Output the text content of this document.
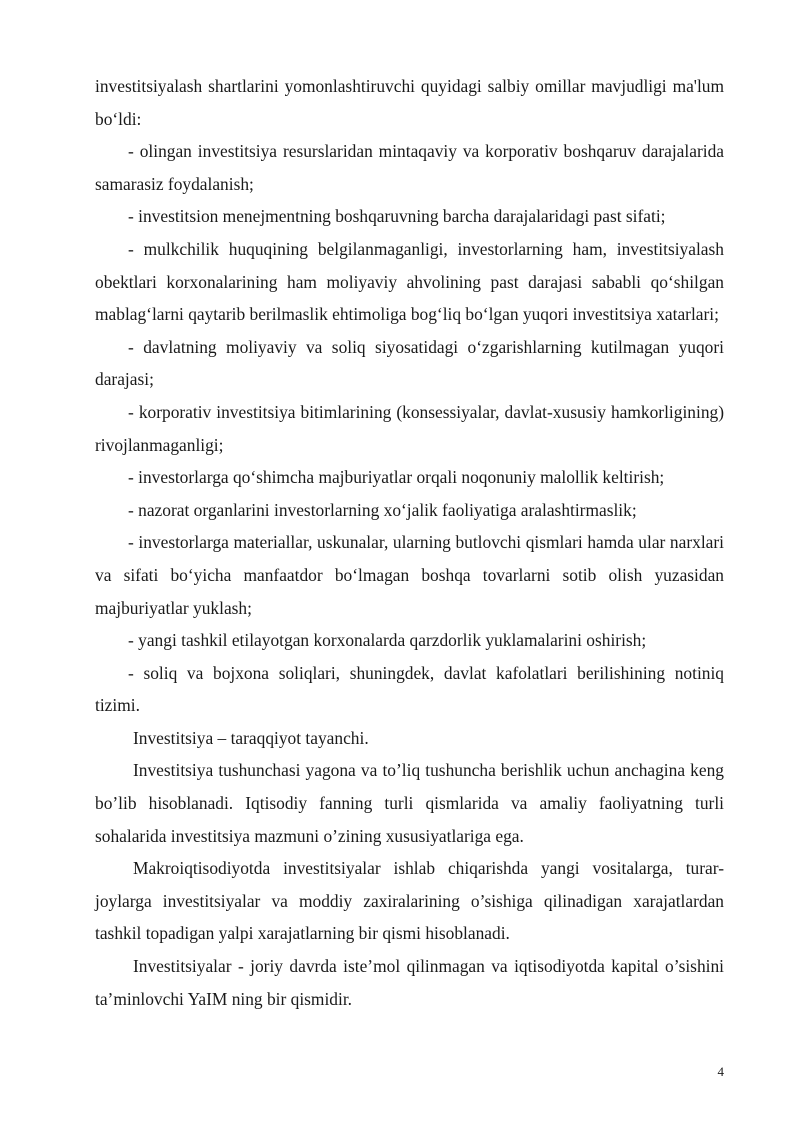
investitsiyalash shartlarini yomonlashtiruvchi quyidagi salbiy omillar mavjudligi ma'lum bo‘ldi:

- olingan investitsiya resurslaridan mintaqaviy va korporativ boshqaruv darajalarida samarasiz foydalanish;

- investitsion menejmentning boshqaruvning barcha darajalaridagi past sifati;

- mulkchilik huquqining belgilanmaganligi, investorlarning ham, investitsiyalash obektlari korxonalarining ham moliyaviy ahvolining past darajasi sababli qo‘shilgan mablag‘larni qaytarib berilmaslik ehtimoliga bog‘liq bo‘lgan yuqori investitsiya xatarlari;

- davlatning moliyaviy va soliq siyosatidagi o‘zgarishlarning kutilmagan yuqori darajasi;

- korporativ investitsiya bitimlarining (konsessiyalar, davlat-xususiy hamkorligining) rivojlanmaganligi;

- investorlarga qo‘shimcha majburiyatlar orqali noqonuniy malollik keltirish;

- nazorat organlarini investorlarning xo‘jalik faoliyatiga aralashtirmaslik;

- investorlarga materiallar, uskunalar, ularning butlovchi qismlari hamda ular narxlari va sifati bo‘yicha manfaatdor bo‘lmagan boshqa tovarlarni sotib olish yuzasidan majburiyatlar yuklash;

- yangi tashkil etilayotgan korxonalarda qarzdorlik yuklamalarini oshirish;

- soliq va bojxona soliqlari, shuningdek, davlat kafolatlari berilishining notiniq tizimi.

Investitsiya – taraqqiyot tayanchi.

Investitsiya tushunchasi yagona va to’liq tushuncha berishlik uchun anchagina keng bo’lib hisoblanadi. Iqtisodiy fanning turli qismlarida va amaliy faoliyatning turli sohalarida investitsiya mazmuni o’zining xususiyatlariga ega.

Makroiqtisodiyotda investitsiyalar ishlab chiqarishda yangi vositalarga, turar-joylarga investitsiyalar va moddiy zaxiralarining o’sishiga qilinadigan xarajatlardan tashkil topadigan yalpi xarajatlarning bir qismi hisoblanadi.

Investitsiyalar - joriy davrda iste’mol qilinmagan va iqtisodiyotda kapital o’sishini ta’minlovchi YaIM ning bir qismidir.

4
